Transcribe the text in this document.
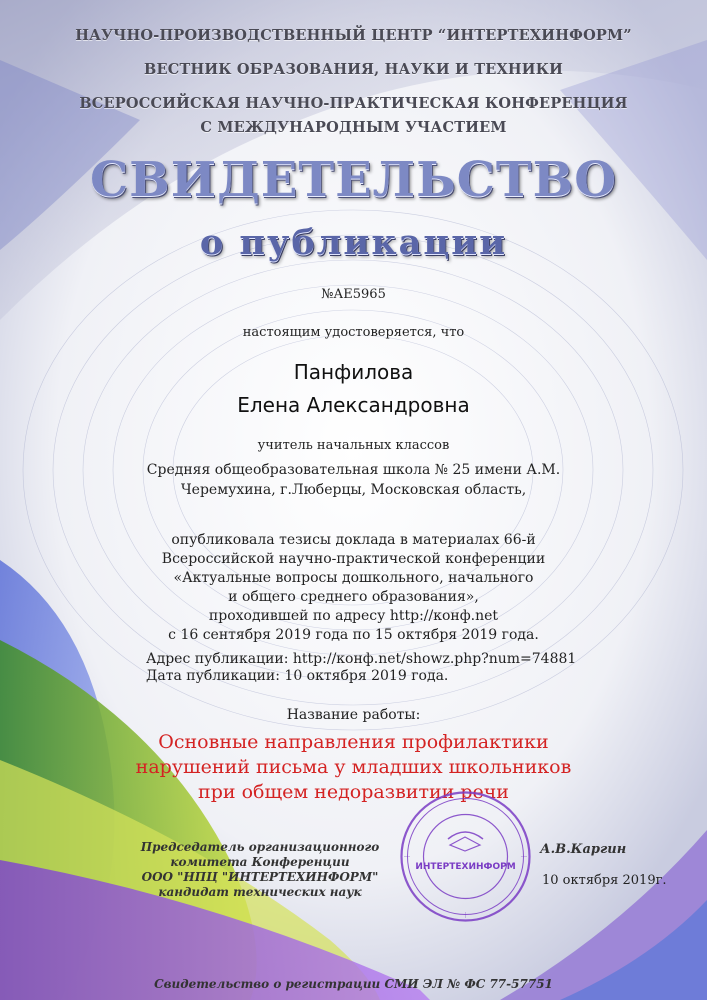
НАУЧНО-ПРОИЗВОДСТВЕННЫЙ ЦЕНТР “ИНТЕРТЕХИНФОРМ”
ВЕСТНИК ОБРАЗОВАНИЯ, НАУКИ И ТЕХНИКИ
ВСЕРОССИЙСКАЯ НАУЧНО-ПРАКТИЧЕСКАЯ КОНФЕРЕНЦИЯ
С МЕЖДУНАРОДНЫМ УЧАСТИЕМ
СВИДЕТЕЛЬСТВО
о публикации
№АЕ5965
настоящим удостоверяется, что
Панфилова
Елена Александровна
учитель начальных классов
Средняя общеобразовательная школа № 25 имени А.М.
Черемухина, г.Люберцы, Московская область,
опубликовала тезисы доклада в материалах 66-й
Всероссийской научно-практической конференции
«Актуальные вопросы дошкольного, начального
и общего среднего образования»,
проходившей по адресу http://конф.net
с 16 сентября 2019 года по 15 октября 2019 года.
Адрес публикации: http://конф.net/showz.php?num=74881
Дата публикации: 10 октября 2019 года.
Название работы:
Основные направления профилактики
нарушений письма у младших школьников
при общем недоразвитии речи
Председатель организационного
комитета Конференции
ООО "НПЦ "ИНТЕРТЕХИНФОРМ"
кандидат технических наук
ИНТЕРТЕХИНФОРМ
А.В.Каргин
10 октября 2019г.
Свидетельство о регистрации СМИ ЭЛ № ФС 77-57751
